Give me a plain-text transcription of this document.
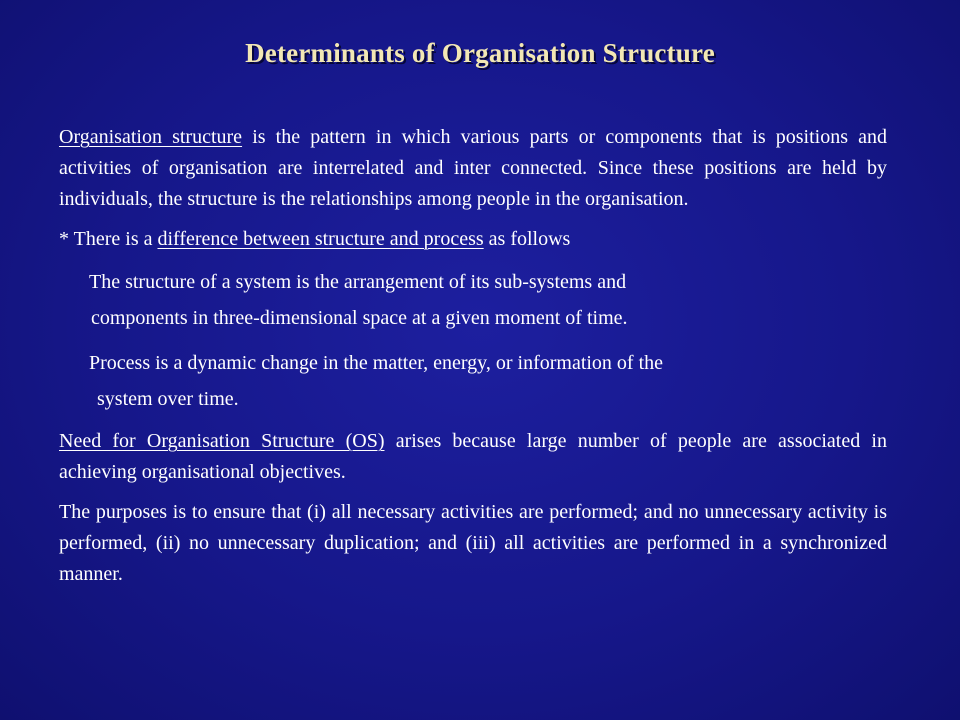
Determinants of Organisation Structure

Organisation structure is the pattern in which various parts or components that is positions and activities of organisation are interrelated and inter connected. Since these positions are held by individuals, the structure is the relationships among people in the organisation.

* There is a difference between structure and process as follows

The structure of a system is the arrangement of its sub-systems and

components in three-dimensional space at a given moment of time.

Process is a dynamic change in the matter, energy, or information of the

system over time.

Need for Organisation Structure (OS) arises because large number of people are associated in achieving organisational objectives.

The purposes is to ensure that (i) all necessary activities are performed; and no unnecessary activity is performed, (ii) no unnecessary duplication; and (iii) all activities are performed in a synchronized manner.
